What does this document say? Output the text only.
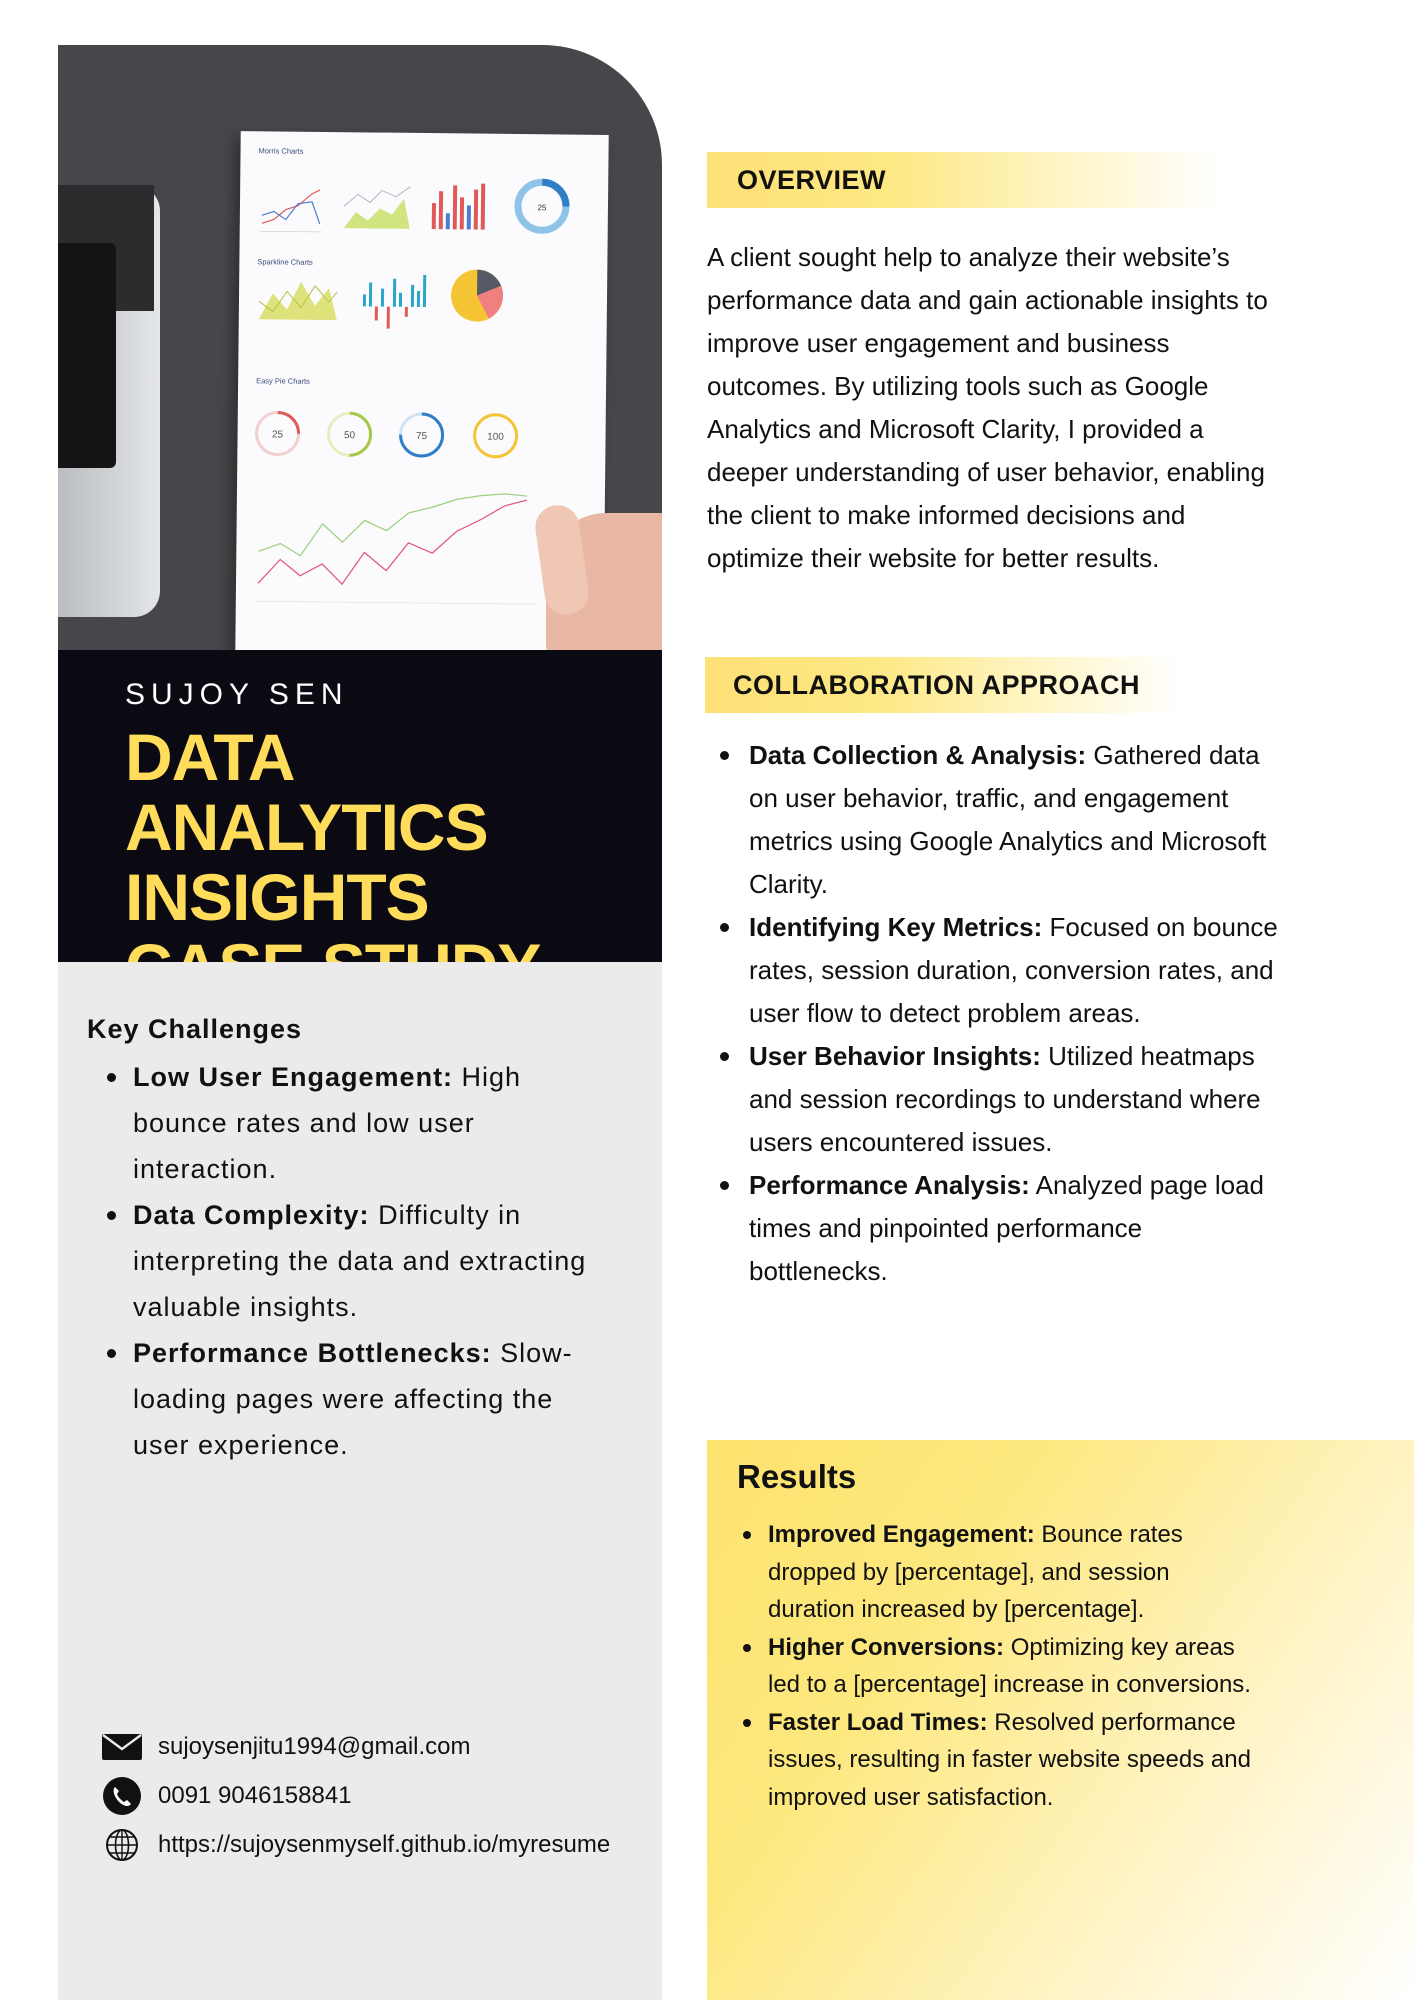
Morris Charts
Sparkline Charts
Easy Pie Charts
25
25	50	75	100
SUJOY SEN
DATA ANALYTICS
INSIGHTS
Key Challenges
Low User Engagement: High bounce rates and low user interaction.
Data Complexity: Difficulty in interpreting the data and extracting valuable insights.
Performance Bottlenecks: Slow-loading pages were affecting the user experience.
sujoysenjitu1994@gmail.com
0091 9046158841
https://sujoysenmyself.github.io/myresume
OVERVIEW

A client sought help to analyze their website’s performance data and gain actionable insights to improve user engagement and business outcomes. By utilizing tools such as Google Analytics and Microsoft Clarity, I provided a deeper understanding of user behavior, enabling the client to make informed decisions and optimize their website for better results.

COLLABORATION APPROACH
Data Collection & Analysis: Gathered data on user behavior, traffic, and engagement metrics using Google Analytics and Microsoft Clarity.
Identifying Key Metrics: Focused on bounce rates, session duration, conversion rates, and user flow to detect problem areas.
User Behavior Insights: Utilized heatmaps and session recordings to understand where users encountered issues.
Performance Analysis: Analyzed page load times and pinpointed performance bottlenecks.
Results
Improved Engagement: Bounce rates dropped by [percentage], and session duration increased by [percentage].
Higher Conversions: Optimizing key areas led to a [percentage] increase in conversions.
Faster Load Times: Resolved performance issues, resulting in faster website speeds and improved user satisfaction.
